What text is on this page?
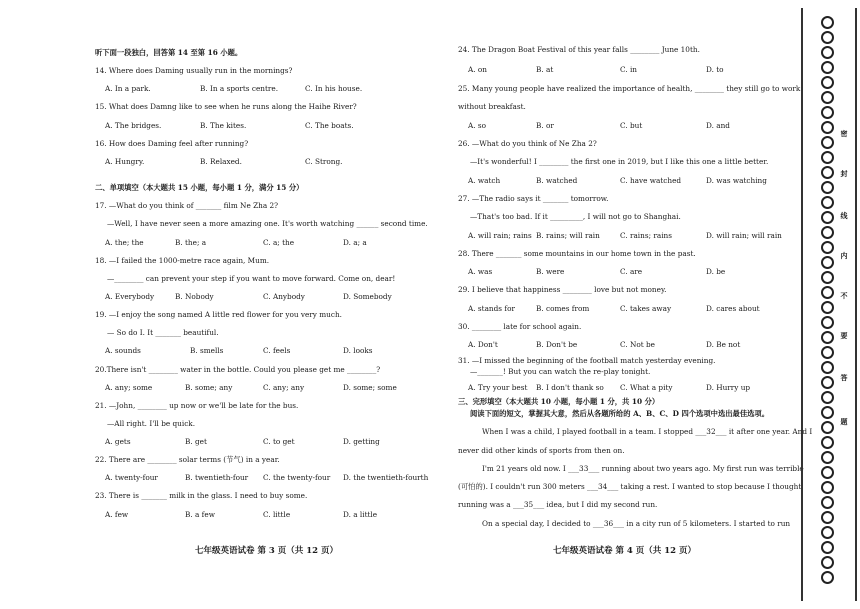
听下面一段独白，回答第 14 至第 16 小题。
14. Where does Daming usually run in the mornings?
A. In a park.	B. In a sports centre.	C. In his house.
15. What does Damng like to see when he runs along the Haihe River?
A. The bridges.	B. The kites.	C. The boats.
16. How does Daming feel after running?
A. Hungry.	B. Relaxed.	C. Strong.
二、单项填空（本大题共 15 小题，每小题 1 分，满分 15 分）
17. —What do you think of _______ film Ne Zha 2?
—Well, I have never seen a more amazing one. It's worth watching ______ second time.
A. the; the	B. the; a	C. a; the	D. a; a
18. —I failed the 1000-metre race again, Mum.
—________ can prevent your step if you want to move forward. Come on, dear!
A. Everybody	B. Nobody	C. Anybody	D. Somebody
19. —I enjoy the song named A little red flower for you very much.
— So do I. It _______ beautiful.
A. sounds	B. smells	C. feels	D. looks
20.There isn't ________ water in the bottle. Could you please get me ________?
A. any; some	B. some; any	C. any; any	D. some; some
21. —John, ________ up now or we'll be late for the bus.
—All right. I'll be quick.
A. gets	B. get	C. to get	D. getting
22. There are ________ solar terms (节气) in a year.
A. twenty-four	B. twentieth-four C. the twenty-four D. the twentieth-fourth
23. There is _______ milk in the glass. I need to buy some.
A. few	B. a few	C. little	D. a little
七年级英语试卷 第 3 页（共 12 页）
24. The Dragon Boat Festival of this year falls ________ June 10th.
A. on	B. at	C. in	D. to
25. Many young people have realized the importance of health, ________ they still go to work
without breakfast.
A. so	B. or	C. but	D. and
26. —What do you think of Ne Zha 2?
—It's wonderful! I ________ the first one in 2019, but I like this one a little better.
A. watch	B. watched	C. have watched	D. was watching
27. —The radio says it _______ tomorrow.
—That's too bad. If it _________, I will not go to Shanghai.
A. will rain; rains B. rains; will rain	C. rains; rains	D. will rain; will rain
28. There _______ some mountains in our home town in the past.
A. was	B. were	C. are	D. be
29. I believe that happiness ________ love but not money.
A. stands for	B. comes from	C. takes away	D. cares about
30. ________ late for school again.
A. Don't	B. Don't be	C. Not be	D. Be not
31. —I missed the beginning of the football match yesterday evening.
—_______! But you can watch the re-play tonight.
A. Try your best B. I don't thank so C. What a pity	D. Hurry up
三、完形填空（本大题共 10 小题，每小题 1 分，共 10 分）
阅读下面的短文，掌握其大意，然后从各题所给的 A、B、C、D 四个选项中选出最佳选项。
When I was a child, I played football in a team. I stopped ___32___ it after one year. And I
never did other kinds of sports from then on.
I'm 21 years old now. I ___33___ running about two years ago. My first run was terrible
(可怕的). I couldn't run 300 meters ___34___ taking a rest. I wanted to stop because I thought
running was a ___35___ idea, but I did my second run.
On a special day, I decided to ___36___ in a city run of 5 kilometers. I started to run
七年级英语试卷 第 4 页（共 12 页）
密
封
线
内
不
要
答
题
